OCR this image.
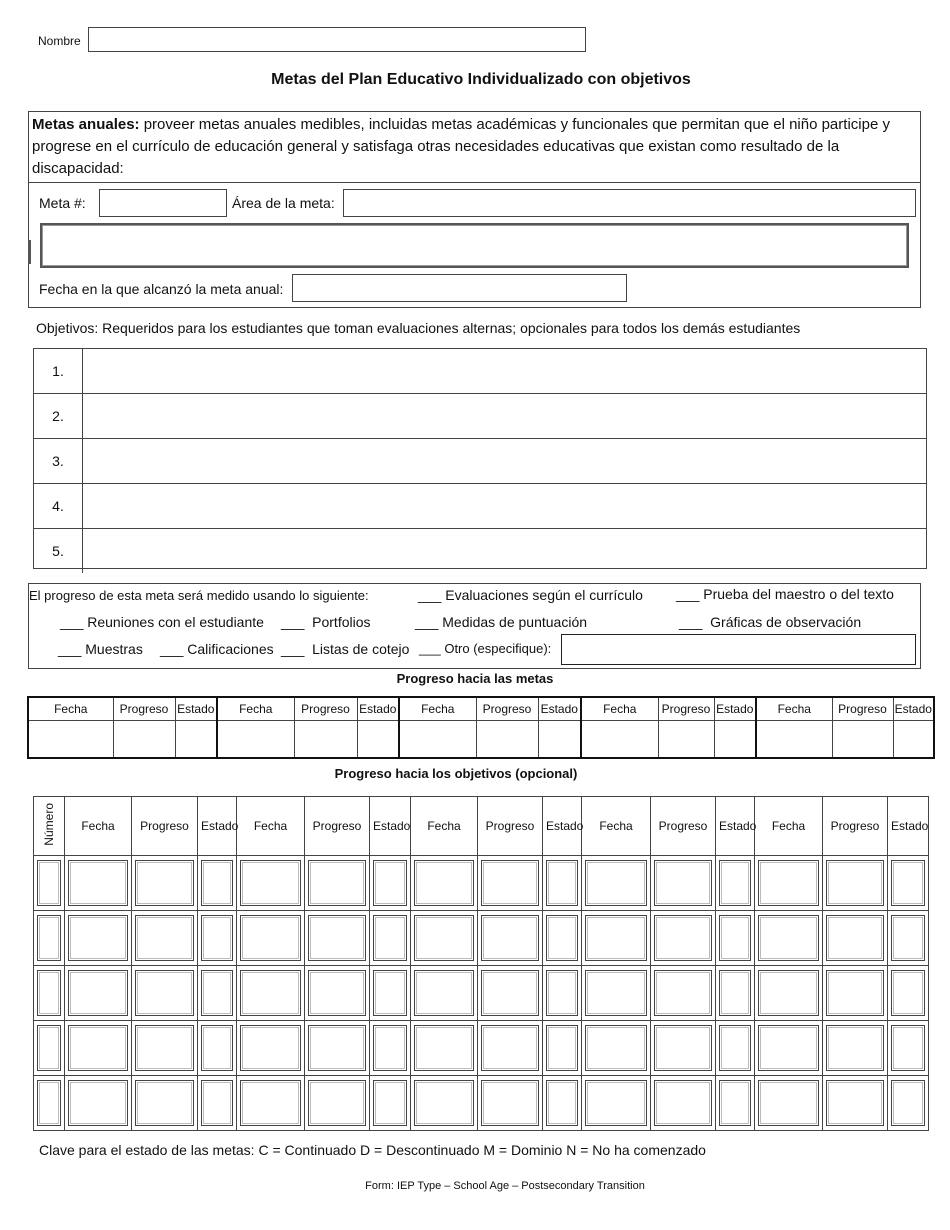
Nombre
Metas del Plan Educativo Individualizado con objetivos
Metas anuales: proveer metas anuales medibles, incluidas metas académicas y funcionales que permitan que el niño participe y progrese en el currículo de educación general y satisfaga otras necesidades educativas que existan como resultado de la discapacidad:
Meta #:	Área de la meta:
Fecha en la que alcanzó la meta anual:
Objetivos: Requeridos para los estudiantes que toman evaluaciones alternas; opcionales para todos los demás estudiantes
1.
2.
3.
4.
5.
El progreso de esta meta será medido usando lo siguiente:	___ Evaluaciones según el currículo ___ Prueba del maestro o del texto
___ Reuniones con el estudiante ___ Portfolios	___ Medidas de puntuación	___ Gráficas de observación
___ Muestras ___ Calificaciones ___ Listas de cotejo ___ Otro (especifique):
Progreso hacia las metas
Fecha	Progreso	Estado	Fecha	Progreso	Estado	Fecha	Progreso	Estado	Fecha	Progreso	Estado	Fecha	Progreso	Estado

Progreso hacia los objetivos (opcional)
Número	Fecha	Progreso	Estado	Fecha	Progreso	Estado	Fecha	Progreso	Estado	Fecha	Progreso	Estado	Fecha	Progreso	Estado

Clave para el estado de las metas: C = Continuado D = Descontinuado M = Dominio N = No ha comenzado
Form: IEP Type – School Age – Postsecondary Transition
